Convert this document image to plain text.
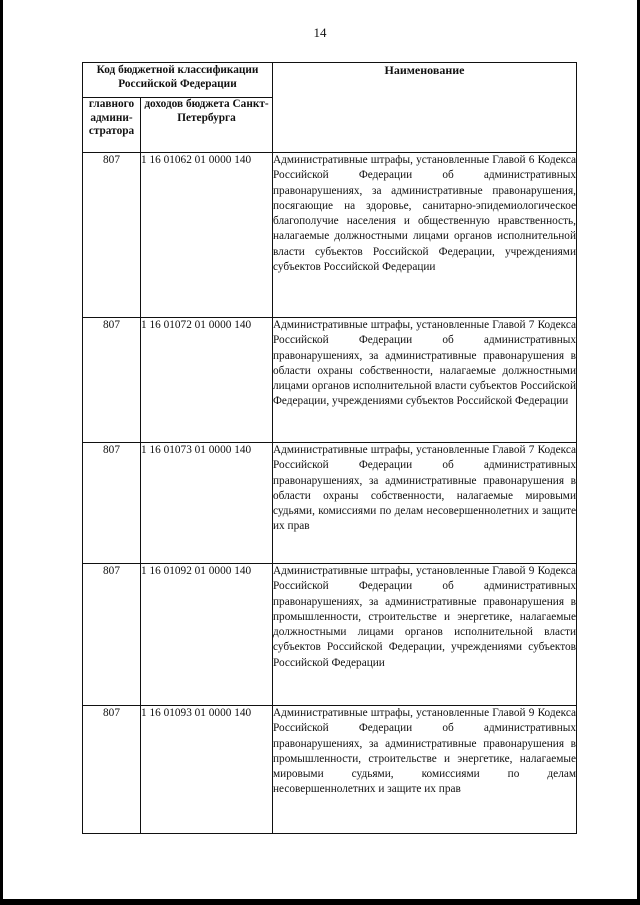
14
Код бюджетной классификации Российской Федерации		Наименование
главного админи-стратора	доходов бюджета Санкт-Петербурга	
807	1 16 01062 01 0000 140	Административные штрафы, установленные Главой 6 Кодекса Российской Федерации об административных правонарушениях, за административные правонарушения, посягающие на здоровье, санитарно-эпидемиологическое благополучие населения и общественную нравственность, налагаемые должностными лицами органов исполнительной власти субъектов Российской Федерации, учреждениями субъектов Российской Федерации
807	1 16 01072 01 0000 140	Административные штрафы, установленные Главой 7 Кодекса Российской Федерации об административных правонарушениях, за административные правонарушения в области охраны собственности, налагаемые должностными лицами органов исполнительной власти субъектов Российской Федерации, учреждениями субъектов Российской Федерации
807	1 16 01073 01 0000 140	Административные штрафы, установленные Главой 7 Кодекса Российской Федерации об административных правонарушениях, за административные правонарушения в области охраны собственности, налагаемые мировыми судьями, комиссиями по делам несовершеннолетних и защите их прав
807	1 16 01092 01 0000 140	Административные штрафы, установленные Главой 9 Кодекса Российской Федерации об административных правонарушениях, за административные правонарушения в промышленности, строительстве и энергетике, налагаемые должностными лицами органов исполнительной власти субъектов Российской Федерации, учреждениями субъектов Российской Федерации
807	1 16 01093 01 0000 140	Административные штрафы, установленные Главой 9 Кодекса Российской Федерации об административных правонарушениях, за административные правонарушения в промышленности, строительстве и энергетике, налагаемые мировыми судьями, комиссиями по делам несовершеннолетних и защите их прав
